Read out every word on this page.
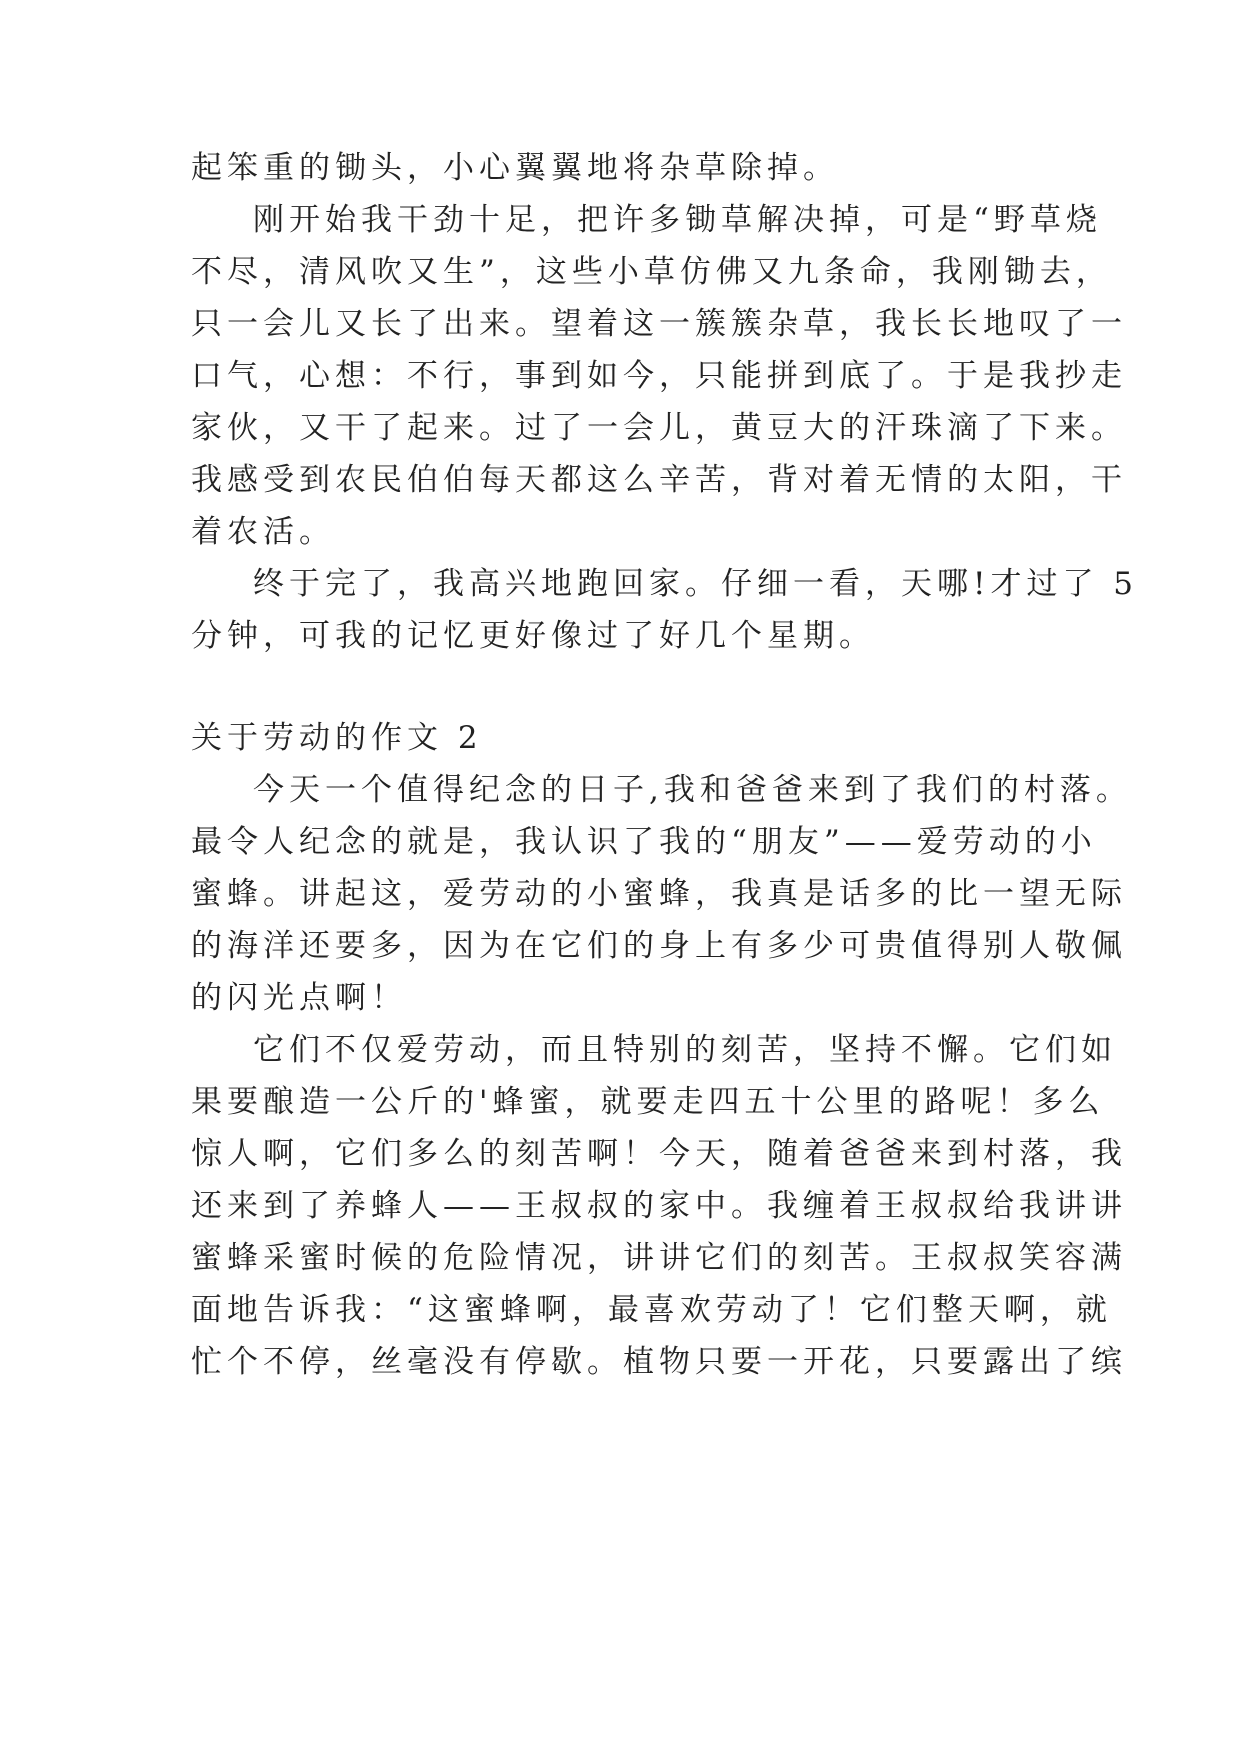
起笨重的锄头，小心翼翼地将杂草除掉。
刚开始我干劲十足，把许多锄草解决掉，可是“野草烧
不尽，清风吹又生”，这些小草仿佛又九条命，我刚锄去，
只一会儿又长了出来。望着这一簇簇杂草，我长长地叹了一
口气，心想：不行，事到如今，只能拼到底了。于是我抄走
家伙，又干了起来。过了一会儿，黄豆大的汗珠滴了下来。
我感受到农民伯伯每天都这么辛苦，背对着无情的太阳，干
着农活。
终于完了，我高兴地跑回家。仔细一看，天哪!才过了 5
分钟，可我的记忆更好像过了好几个星期。
关于劳动的作文 2
今天一个值得纪念的日子,我和爸爸来到了我们的村落。
最令人纪念的就是，我认识了我的“朋友”——爱劳动的小
蜜蜂。讲起这，爱劳动的小蜜蜂，我真是话多的比一望无际
的海洋还要多，因为在它们的身上有多少可贵值得别人敬佩
的闪光点啊！
它们不仅爱劳动，而且特别的刻苦，坚持不懈。它们如
果要酿造一公斤的'蜂蜜，就要走四五十公里的路呢！多么
惊人啊，它们多么的刻苦啊！今天，随着爸爸来到村落，我
还来到了养蜂人——王叔叔的家中。我缠着王叔叔给我讲讲
蜜蜂采蜜时候的危险情况，讲讲它们的刻苦。王叔叔笑容满
面地告诉我：“这蜜蜂啊，最喜欢劳动了！它们整天啊，就
忙个不停，丝毫没有停歇。植物只要一开花，只要露出了缤
